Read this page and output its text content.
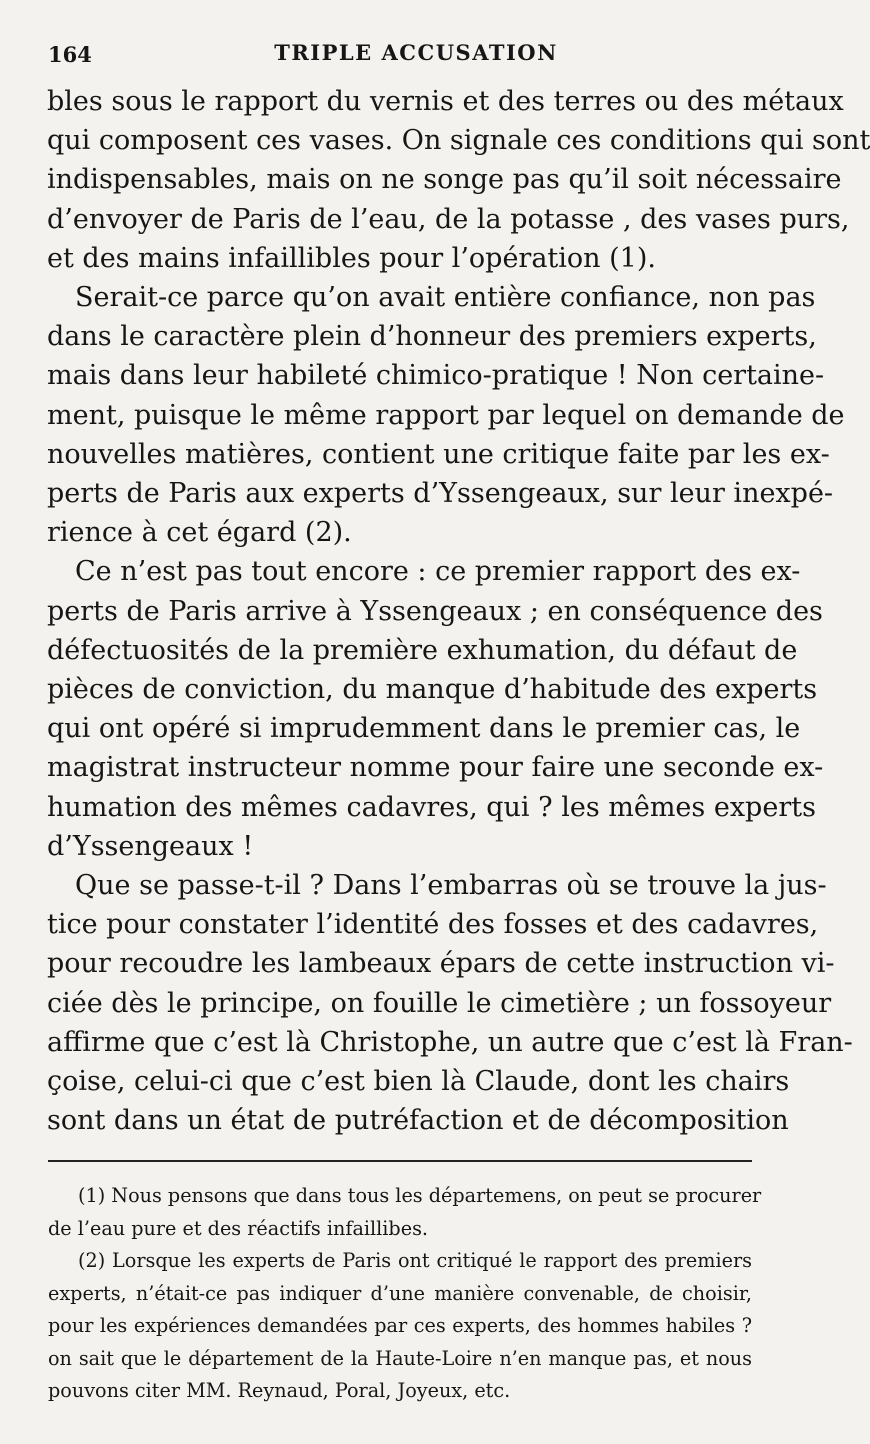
164	TRIPLE ACCUSATION
bles sous le rapport du vernis et des terres ou des métaux
qui composent ces vases. On signale ces conditions qui sont
indispensables, mais on ne songe pas qu’il soit nécessaire
d’envoyer de Paris de l’eau, de la potasse , des vases purs,
et des mains infaillibles pour l’opération (1).
Serait-ce parce qu’on avait entière confiance, non pas
dans le caractère plein d’honneur des premiers experts,
mais dans leur habileté chimico-pratique ! Non certaine-
ment, puisque le même rapport par lequel on demande de
nouvelles matières, contient une critique faite par les ex-
perts de Paris aux experts d’Yssengeaux, sur leur inexpé-
rience à cet égard (2).
Ce n’est pas tout encore : ce premier rapport des ex-
perts de Paris arrive à Yssengeaux ; en conséquence des
défectuosités de la première exhumation, du défaut de
pièces de conviction, du manque d’habitude des experts
qui ont opéré si imprudemment dans le premier cas, le
magistrat instructeur nomme pour faire une seconde ex-
humation des mêmes cadavres, qui ? les mêmes experts
d’Yssengeaux !
Que se passe-t-il ? Dans l’embarras où se trouve la jus-
tice pour constater l’identité des fosses et des cadavres,
pour recoudre les lambeaux épars de cette instruction vi-
ciée dès le principe, on fouille le cimetière ; un fossoyeur
affirme que c’est là Christophe, un autre que c’est là Fran-
çoise, celui-ci que c’est bien là Claude, dont les chairs
sont dans un état de putréfaction et de décomposition
(1) Nous pensons que dans tous les départemens, on peut se procurer
de l’eau pure et des réactifs infaillibes.
(2) Lorsque les experts de Paris ont critiqué le rapport des premiers
experts, n’était-ce pas indiquer d’une manière convenable, de choisir,
pour les expériences demandées par ces experts, des hommes habiles ?
on sait que le département de la Haute-Loire n’en manque pas, et nous
pouvons citer MM. Reynaud, Poral, Joyeux, etc.
